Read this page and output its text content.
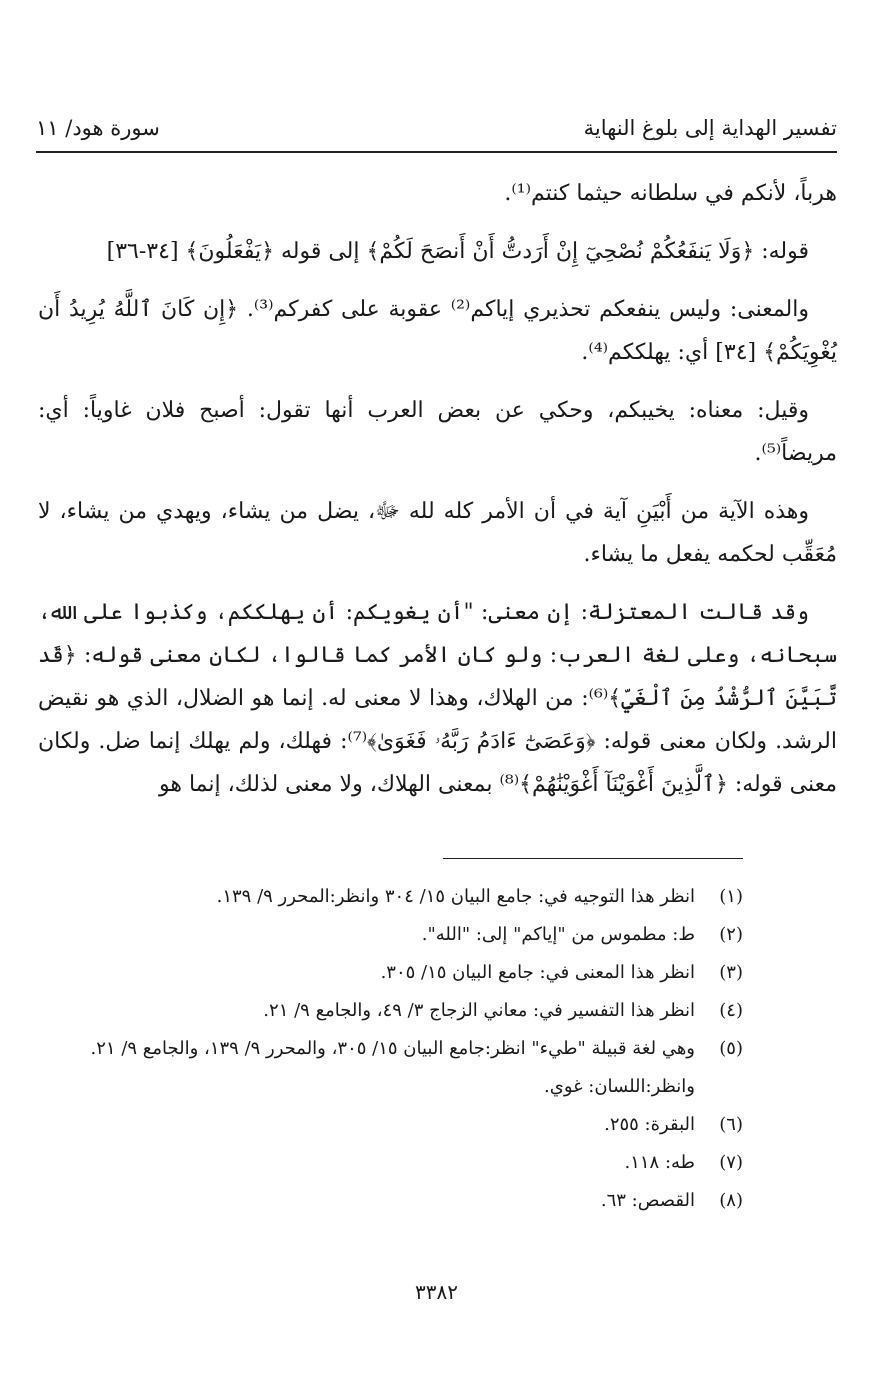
تفسير الهداية إلى بلوغ النهاية
سورة هود/ ١١

هرباً، لأنكم في سلطانه حيثما كنتم⁽¹⁾.

قوله: ﴿وَلَا يَنفَعُكُمْ نُصْحِيٓ إِنْ أَرَدتُّ أَنْ أَنصَحَ لَكُمْ﴾ إلى قوله ﴿يَفْعَلُونَ﴾ [٣٤-٣٦]

والمعنى: وليس ينفعكم تحذيري إياكم⁽²⁾ عقوبة على كفركم⁽³⁾. ﴿إِن كَانَ ٱللَّهُ يُرِيدُ أَن يُغْوِيَكُمْ﴾ [٣٤] أي: يهلككم⁽⁴⁾.

وقيل: معناه: يخيبكم، وحكي عن بعض العرب أنها تقول: أصبح فلان غاوياً: أي: مريضاً⁽⁵⁾.

وهذه الآية من أَبْيَنِ آية في أن الأمر كله لله ﷻ، يضل من يشاء، ويهدي من يشاء، لا مُعَقِّب لحكمه يفعل ما يشاء.

وقد قالت المعتزلة: إن معنى: "أن يغويكم: أن يهلككم، وكذبوا على الله، سبحانه، وعلى لغة العرب: ولو كان الأمر كما قالوا، لكان معنى قوله: ﴿قَد تَّبَيَّنَ ٱلرُّشْدُ مِنَ ٱلْغَيِّ﴾⁽⁶⁾: من الهلاك، وهذا لا معنى له. إنما هو الضلال، الذي هو نقيض الرشد. ولكان معنى قوله: ﴿وَعَصَىٰٓ ءَادَمُ رَبَّهُۥ فَغَوَىٰ﴾⁽⁷⁾: فهلك، ولم يهلك إنما ضل. ولكان معنى قوله: ﴿ٱلَّذِينَ أَغْوَيْنَآ أَغْوَيْنَٰهُمْ﴾⁽⁸⁾ بمعنى الهلاك، ولا معنى لذلك، إنما هو

(١)
انظر هذا التوجيه في: جامع البيان ١٥/ ٣٠٤ وانظر:المحرر ٩/ ١٣٩.
(٢)
ط: مطموس من "إياكم" إلى: "الله".
(٣)
انظر هذا المعنى في: جامع البيان ١٥/ ٣٠٥.
(٤)
انظر هذا التفسير في: معاني الزجاج ٣/ ٤٩، والجامع ٩/ ٢١.
(٥)
وهي لغة قبيلة "طيء" انظر:جامع البيان ١٥/ ٣٠٥، والمحرر ٩/ ١٣٩، والجامع ٩/ ٢١. وانظر:اللسان: غوي.
(٦)
البقرة: ٢٥٥.
(٧)
طه: ١١٨.
(٨)
القصص: ٦٣.
٣٣٨٢
